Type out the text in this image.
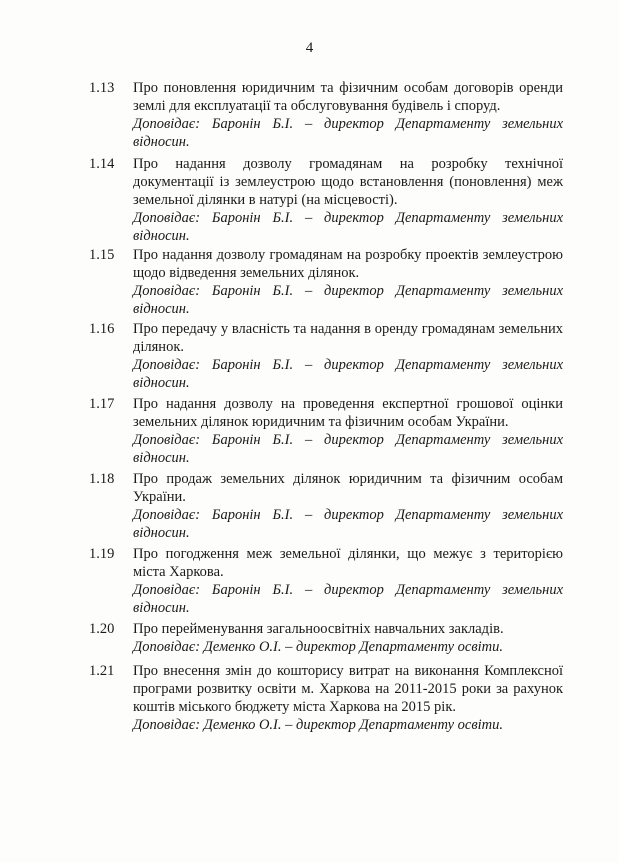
4
1.13 Про поновлення юридичним та фізичним особам договорів оренди землі для експлуатації та обслуговування будівель і споруд.

Доповідає: Баронін Б.І. – директор Департаменту земельних відносин.

1.14 Про надання дозволу громадянам на розробку технічної документації із землеустрою щодо встановлення (поновлення) меж земельної ділянки в натурі (на місцевості).

Доповідає: Баронін Б.І. – директор Департаменту земельних відносин.

1.15 Про надання дозволу громадянам на розробку проектів землеустрою щодо відведення земельних ділянок.

Доповідає: Баронін Б.І. – директор Департаменту земельних відносин.

1.16 Про передачу у власність та надання в оренду громадянам земельних ділянок.

Доповідає: Баронін Б.І. – директор Департаменту земельних відносин.

1.17 Про надання дозволу на проведення експертної грошової оцінки земельних ділянок юридичним та фізичним особам України.

Доповідає: Баронін Б.І. – директор Департаменту земельних відносин.

1.18 Про продаж земельних ділянок юридичним та фізичним особам України.

Доповідає: Баронін Б.І. – директор Департаменту земельних відносин.

1.19 Про погодження меж земельної ділянки, що межує з територією міста Харкова.

Доповідає: Баронін Б.І. – директор Департаменту земельних відносин.

1.20 Про перейменування загальноосвітніх навчальних закладів.

Доповідає: Деменко О.І. – директор Департаменту освіти.

1.21 Про внесення змін до кошторису витрат на виконання Комплексної програми розвитку освіти м. Харкова на 2011-2015 роки за рахунок коштів міського бюджету міста Харкова на 2015 рік.

Доповідає: Деменко О.І. – директор Департаменту освіти.
